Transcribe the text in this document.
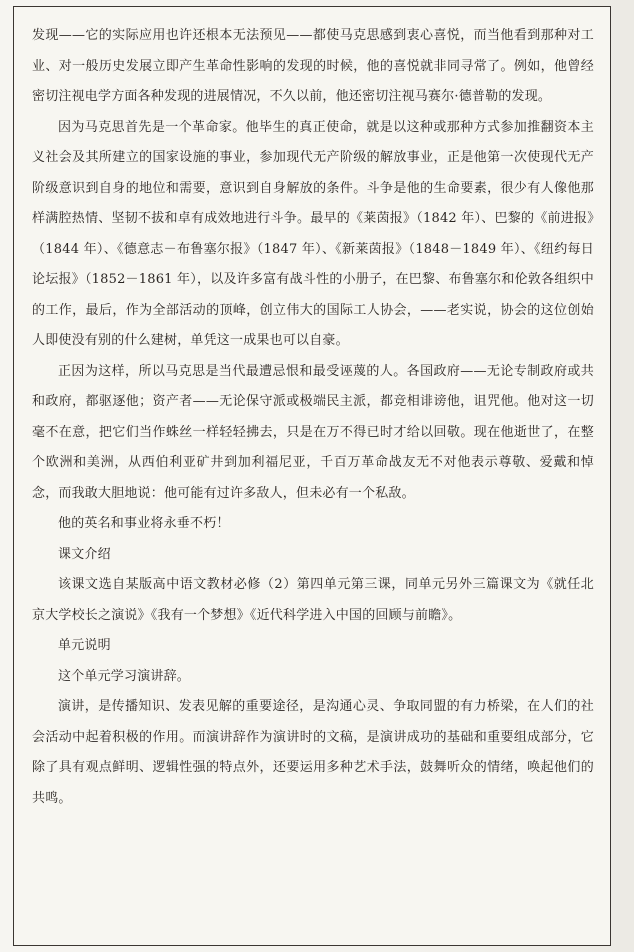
发现——它的实际应用也许还根本无法预见——都使马克思感到衷心喜悦，而当他看到那种对工业、对一般历史发展立即产生革命性影响的发现的时候，他的喜悦就非同寻常了。例如，他曾经密切注视电学方面各种发现的进展情况，不久以前，他还密切注视马赛尔·德普勒的发现。

因为马克思首先是一个革命家。他毕生的真正使命，就是以这种或那种方式参加推翻资本主义社会及其所建立的国家设施的事业，参加现代无产阶级的解放事业，正是他第一次使现代无产阶级意识到自身的地位和需要，意识到自身解放的条件。斗争是他的生命要素，很少有人像他那样满腔热情、坚韧不拔和卓有成效地进行斗争。最早的《莱茵报》（1842 年）、巴黎的《前进报》（1844 年）、《德意志－布鲁塞尔报》（1847 年）、《新莱茵报》（1848－1849 年）、《纽约每日论坛报》（1852－1861 年），以及许多富有战斗性的小册子，在巴黎、布鲁塞尔和伦敦各组织中的工作，最后，作为全部活动的顶峰，创立伟大的国际工人协会，——老实说，协会的这位创始人即使没有别的什么建树，单凭这一成果也可以自豪。

正因为这样，所以马克思是当代最遭忌恨和最受诬蔑的人。各国政府——无论专制政府或共和政府，都驱逐他；资产者——无论保守派或极端民主派，都竞相诽谤他，诅咒他。他对这一切毫不在意，把它们当作蛛丝一样轻轻拂去，只是在万不得已时才给以回敬。现在他逝世了，在整个欧洲和美洲，从西伯利亚矿井到加利福尼亚，千百万革命战友无不对他表示尊敬、爱戴和悼念，而我敢大胆地说：他可能有过许多敌人，但未必有一个私敌。

他的英名和事业将永垂不朽！

课文介绍

该课文选自某版高中语文教材必修（2）第四单元第三课，同单元另外三篇课文为《就任北京大学校长之演说》《我有一个梦想》《近代科学进入中国的回顾与前瞻》。

单元说明

这个单元学习演讲辞。

演讲，是传播知识、发表见解的重要途径，是沟通心灵、争取同盟的有力桥梁，在人们的社会活动中起着积极的作用。而演讲辞作为演讲时的文稿，是演讲成功的基础和重要组成部分，它除了具有观点鲜明、逻辑性强的特点外，还要运用多种艺术手法，鼓舞听众的情绪，唤起他们的共鸣。
